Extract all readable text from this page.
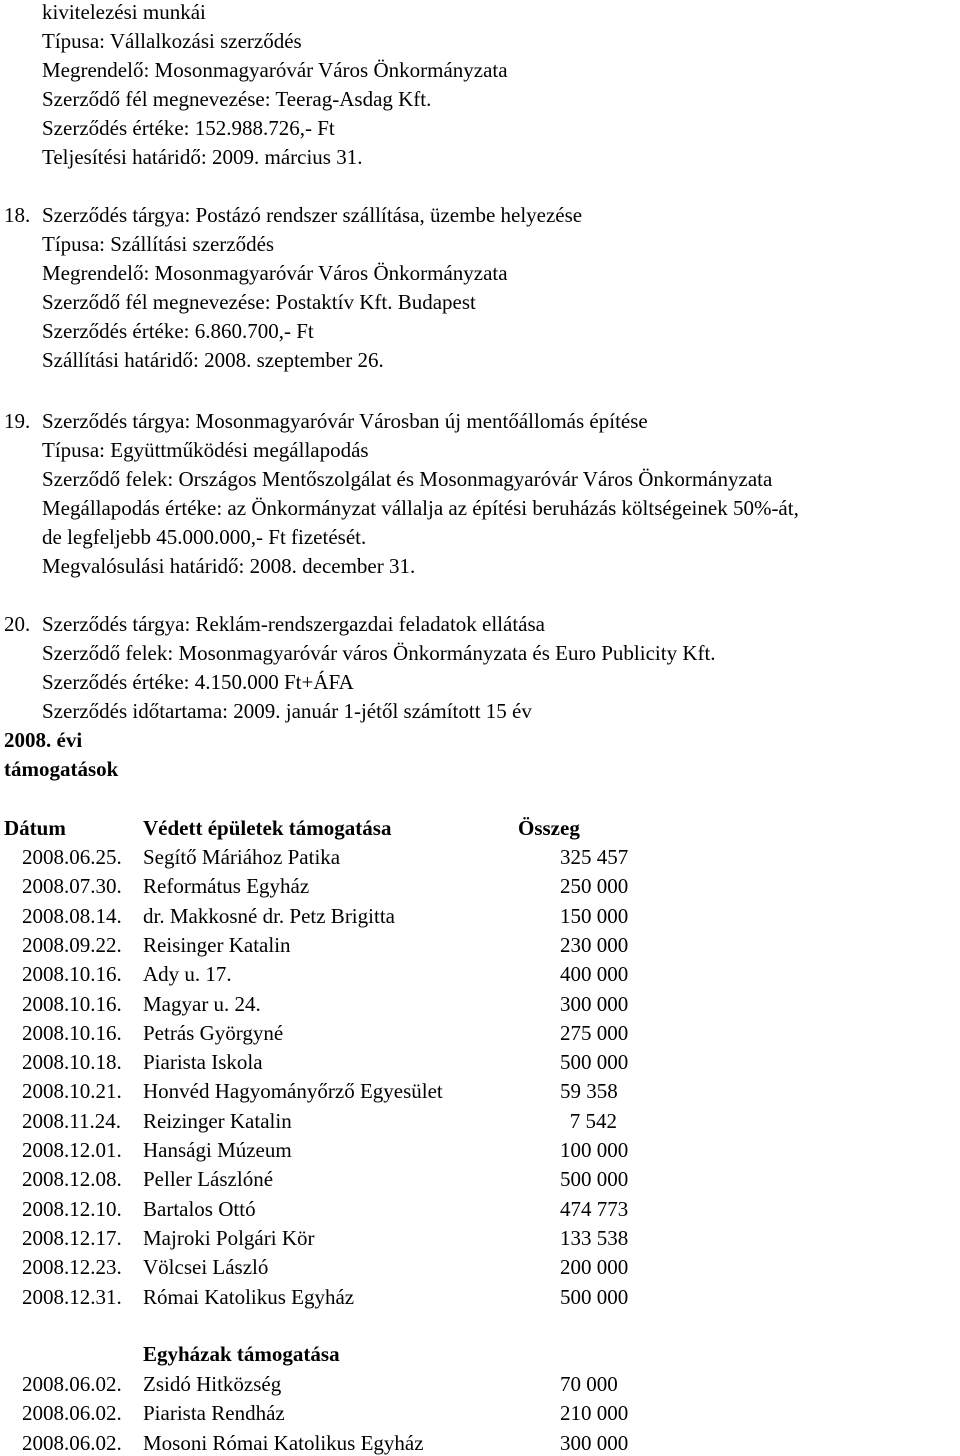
kivitelezési munkái
Típusa: Vállalkozási szerződés
Megrendelő: Mosonmagyaróvár Város Önkormányzata
Szerződő fél megnevezése: Teerag-Asdag Kft.
Szerződés értéke: 152.988.726,- Ft
Teljesítési határidő: 2009. március 31.
18. Szerződés tárgya: Postázó rendszer szállítása, üzembe helyezése
Típusa: Szállítási szerződés
Megrendelő: Mosonmagyaróvár Város Önkormányzata
Szerződő fél megnevezése: Postaktív Kft. Budapest
Szerződés értéke: 6.860.700,- Ft
Szállítási határidő: 2008. szeptember 26.
19. Szerződés tárgya: Mosonmagyaróvár Városban új mentőállomás építése
Típusa: Együttműködési megállapodás
Szerződő felek: Országos Mentőszolgálat és Mosonmagyaróvár Város Önkormányzata
Megállapodás értéke: az Önkormányzat vállalja az építési beruházás költségeinek 50%-át,
de legfeljebb 45.000.000,- Ft fizetését.
Megvalósulási határidő: 2008. december 31.
20. Szerződés tárgya: Reklám-rendszergazdai feladatok ellátása
Szerződő felek: Mosonmagyaróvár város Önkormányzata és Euro Publicity Kft.
Szerződés értéke: 4.150.000 Ft+ÁFA
Szerződés időtartama: 2009. január 1-jétől számított 15 év
2008. évi
támogatások
Dátum	Védett épületek támogatása	Összeg
2008.06.25. Segítő Máriához Patika	325 457
2008.07.30. Református Egyház	250 000
2008.08.14. dr. Makkosné dr. Petz Brigitta	150 000
2008.09.22. Reisinger Katalin	230 000
2008.10.16. Ady u. 17.	400 000
2008.10.16. Magyar u. 24.	300 000
2008.10.16. Petrás Györgyné	275 000
2008.10.18. Piarista Iskola	500 000
2008.10.21. Honvéd Hagyományőrző Egyesület	59 358
2008.11.24. Reizinger Katalin	7 542
2008.12.01. Hansági Múzeum	100 000
2008.12.08. Peller Lászlóné	500 000
2008.12.10. Bartalos Ottó	474 773
2008.12.17. Majroki Polgári Kör	133 538
2008.12.23. Völcsei László	200 000
2008.12.31. Római Katolikus Egyház	500 000
Egyházak támogatása
2008.06.02. Zsidó Hitközség	70 000
2008.06.02. Piarista Rendház	210 000
2008.06.02. Mosoni Római Katolikus Egyház	300 000
